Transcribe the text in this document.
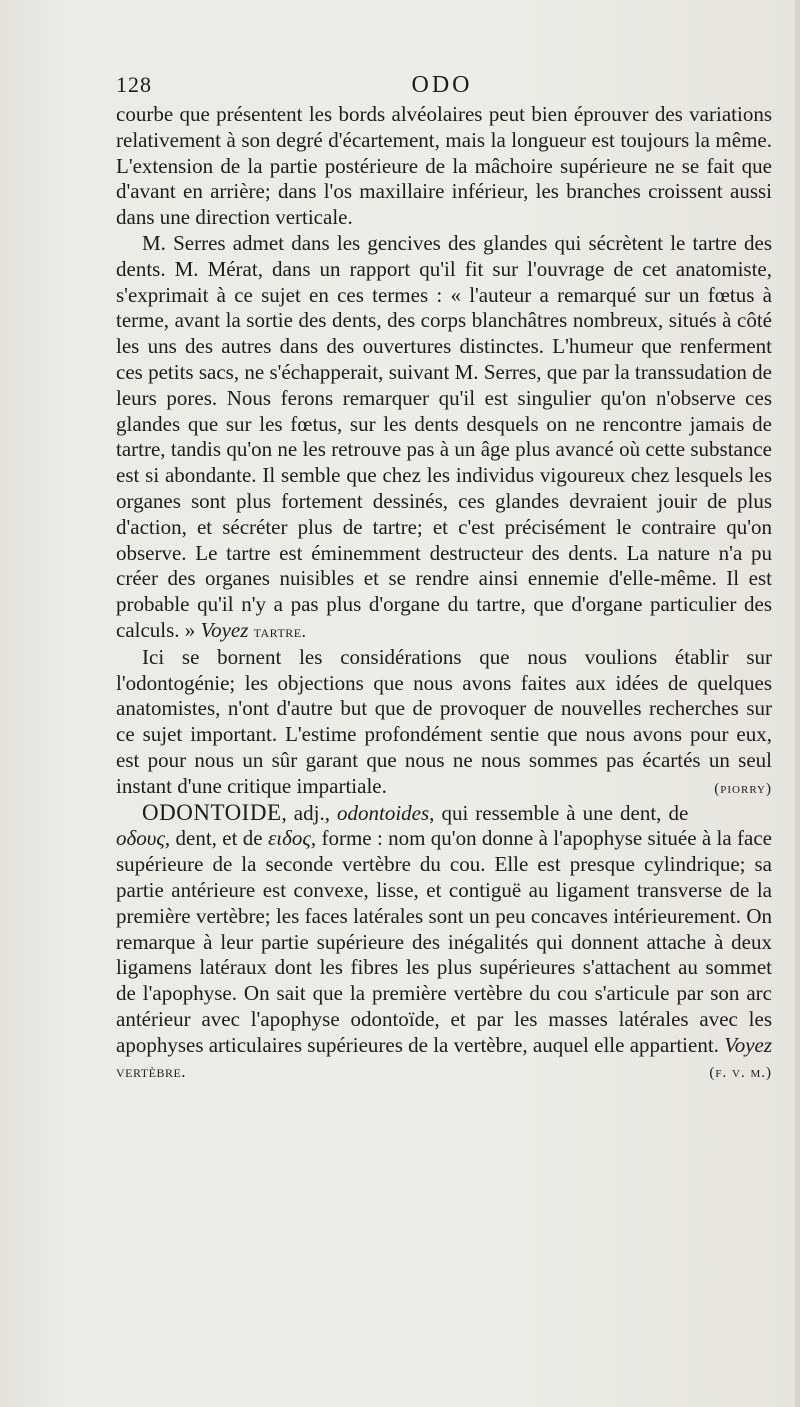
128	ODO

courbe que présentent les bords alvéolaires peut bien éprouver des variations relativement à son degré d'écartement, mais la longueur est toujours la même. L'extension de la partie postérieure de la mâchoire supérieure ne se fait que d'avant en arrière; dans l'os maxillaire inférieur, les branches croissent aussi dans une direction verticale.

M. Serres admet dans les gencives des glandes qui sécrètent le tartre des dents. M. Mérat, dans un rapport qu'il fit sur l'ouvrage de cet anatomiste, s'exprimait à ce sujet en ces termes : « l'auteur a remarqué sur un fœtus à terme, avant la sortie des dents, des corps blanchâtres nombreux, situés à côté les uns des autres dans des ouvertures distinctes. L'humeur que renferment ces petits sacs, ne s'échapperait, suivant M. Serres, que par la transsudation de leurs pores. Nous ferons remarquer qu'il est singulier qu'on n'observe ces glandes que sur les fœtus, sur les dents desquels on ne rencontre jamais de tartre, tandis qu'on ne les retrouve pas à un âge plus avancé où cette substance est si abondante. Il semble que chez les individus vigoureux chez lesquels les organes sont plus fortement dessinés, ces glandes devraient jouir de plus d'action, et sécréter plus de tartre; et c'est précisément le contraire qu'on observe. Le tartre est éminemment destructeur des dents. La nature n'a pu créer des organes nuisibles et se rendre ainsi ennemie d'elle-même. Il est probable qu'il n'y a pas plus d'organe du tartre, que d'organe particulier des calculs. » Voyez tartre.

Ici se bornent les considérations que nous voulions établir sur l'odontogénie; les objections que nous avons faites aux idées de quelques anatomistes, n'ont d'autre but que de provoquer de nouvelles recherches sur ce sujet important. L'estime profondément sentie que nous avons pour eux, est pour nous un sûr garant que nous ne nous sommes pas écartés un seul instant d'une critique impartiale.	(piorry)

ODONTOIDE, adj., odontoides, qui ressemble à une dent, de οδους, dent, et de ειδος, forme : nom qu'on donne à l'apophyse située à la face supérieure de la seconde vertèbre du cou. Elle est presque cylindrique; sa partie antérieure est convexe, lisse, et contiguë au ligament transverse de la première vertèbre; les faces latérales sont un peu concaves intérieurement. On remarque à leur partie supérieure des inégalités qui donnent attache à deux ligamens latéraux dont les fibres les plus supérieures s'attachent au sommet de l'apophyse. On sait que la première vertèbre du cou s'articule par son arc antérieur avec l'apophyse odontoïde, et par les masses latérales avec les apophyses articulaires supérieures de la vertèbre, auquel elle appartient. Voyez vertèbre.	(f. v. m.)
